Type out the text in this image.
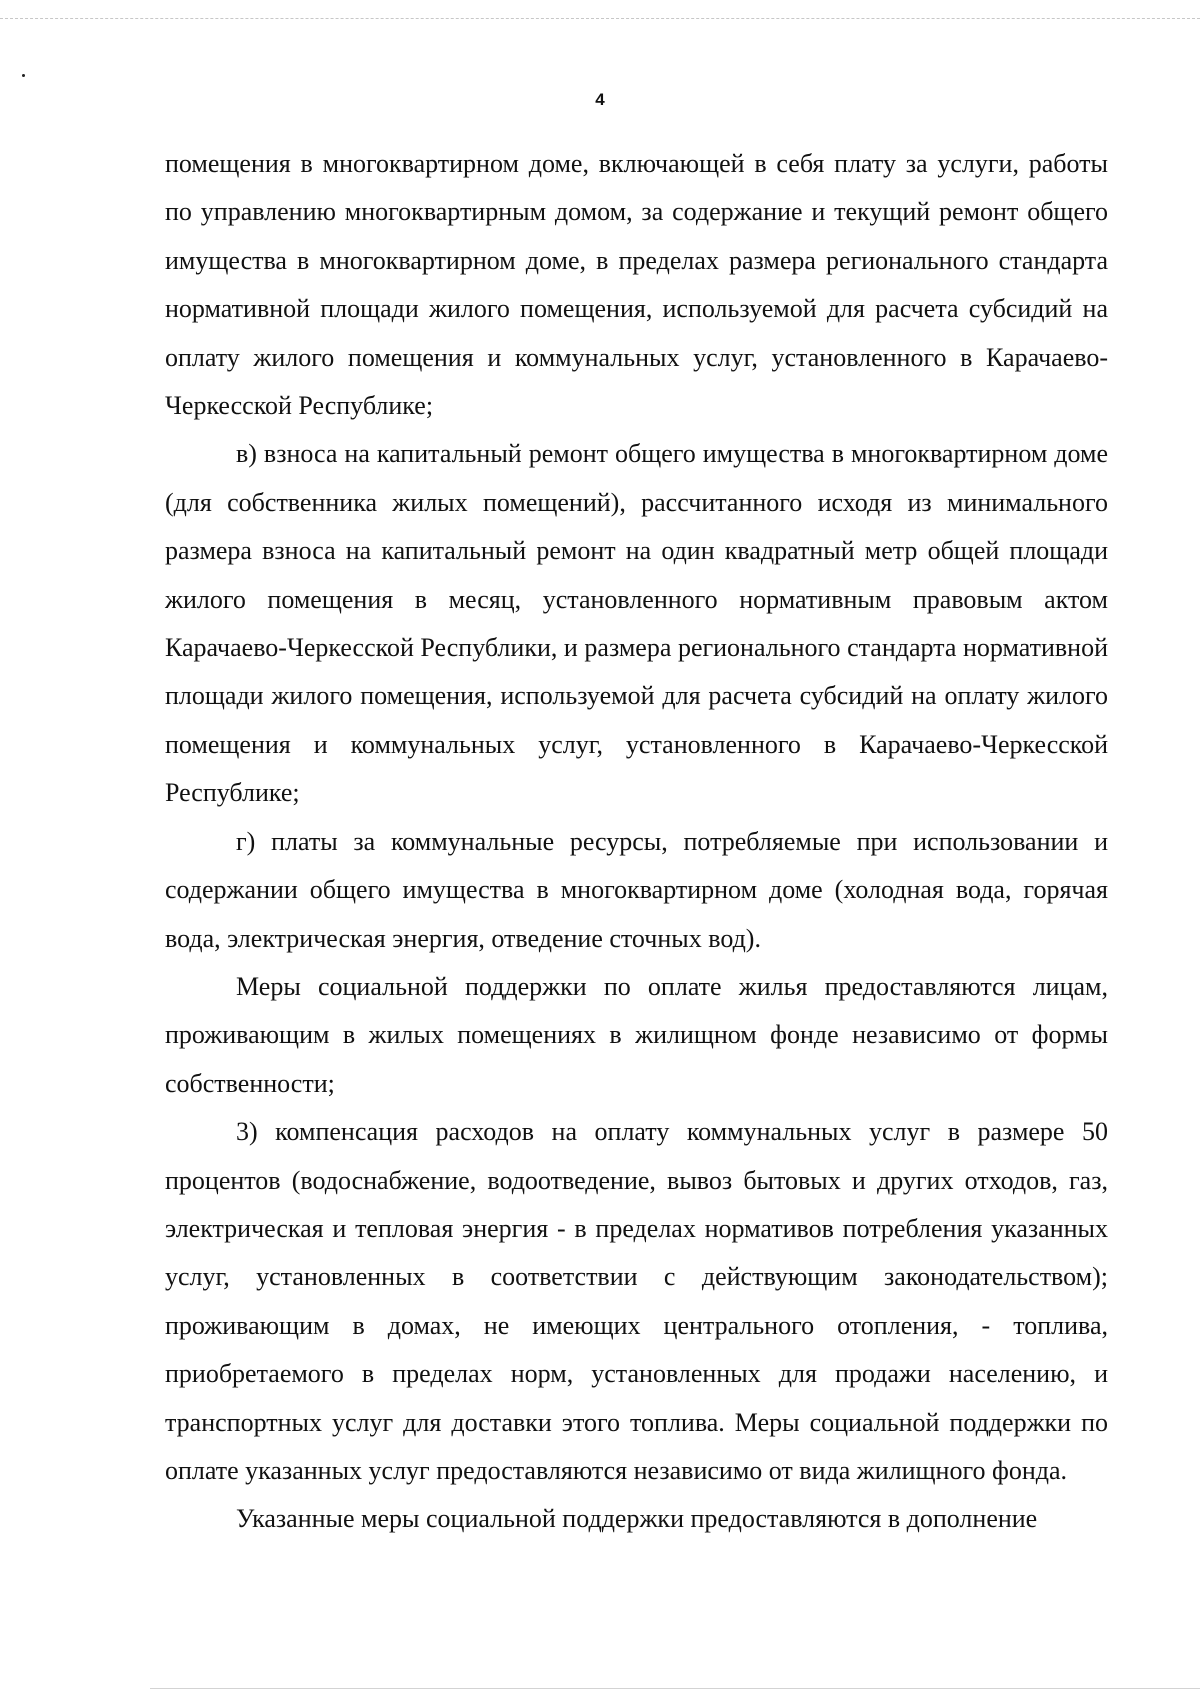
4

помещения в многоквартирном доме, включающей в себя плату за услуги, работы по управлению многоквартирным домом, за содержание и текущий ремонт общего имущества в многоквартирном доме, в пределах размера регионального стандарта нормативной площади жилого помещения, используемой для расчета субсидий на оплату жилого помещения и коммунальных услуг, установленного в Карачаево-Черкесской Республике;

в) взноса на капитальный ремонт общего имущества в многоквартирном доме (для собственника жилых помещений), рассчитанного исходя из минимального размера взноса на капитальный ремонт на один квадратный метр общей площади жилого помещения в месяц, установленного нормативным правовым актом Карачаево-Черкесской Республики, и размера регионального стандарта нормативной площади жилого помещения, используемой для расчета субсидий на оплату жилого помещения и коммунальных услуг, установленного в Карачаево-Черкесской Республике;

г) платы за коммунальные ресурсы, потребляемые при использовании и содержании общего имущества в многоквартирном доме (холодная вода, горячая вода, электрическая энергия, отведение сточных вод).

Меры социальной поддержки по оплате жилья предоставляются лицам, проживающим в жилых помещениях в жилищном фонде независимо от формы собственности;

3) компенсация расходов на оплату коммунальных услуг в размере 50 процентов (водоснабжение, водоотведение, вывоз бытовых и других отходов, газ, электрическая и тепловая энергия - в пределах нормативов потребления указанных услуг, установленных в соответствии с действующим законодательством); проживающим в домах, не имеющих центрального отопления, - топлива, приобретаемого в пределах норм, установленных для продажи населению, и транспортных услуг для доставки этого топлива. Меры социальной поддержки по оплате указанных услуг предоставляются независимо от вида жилищного фонда.

Указанные меры социальной поддержки предоставляются в дополнение
